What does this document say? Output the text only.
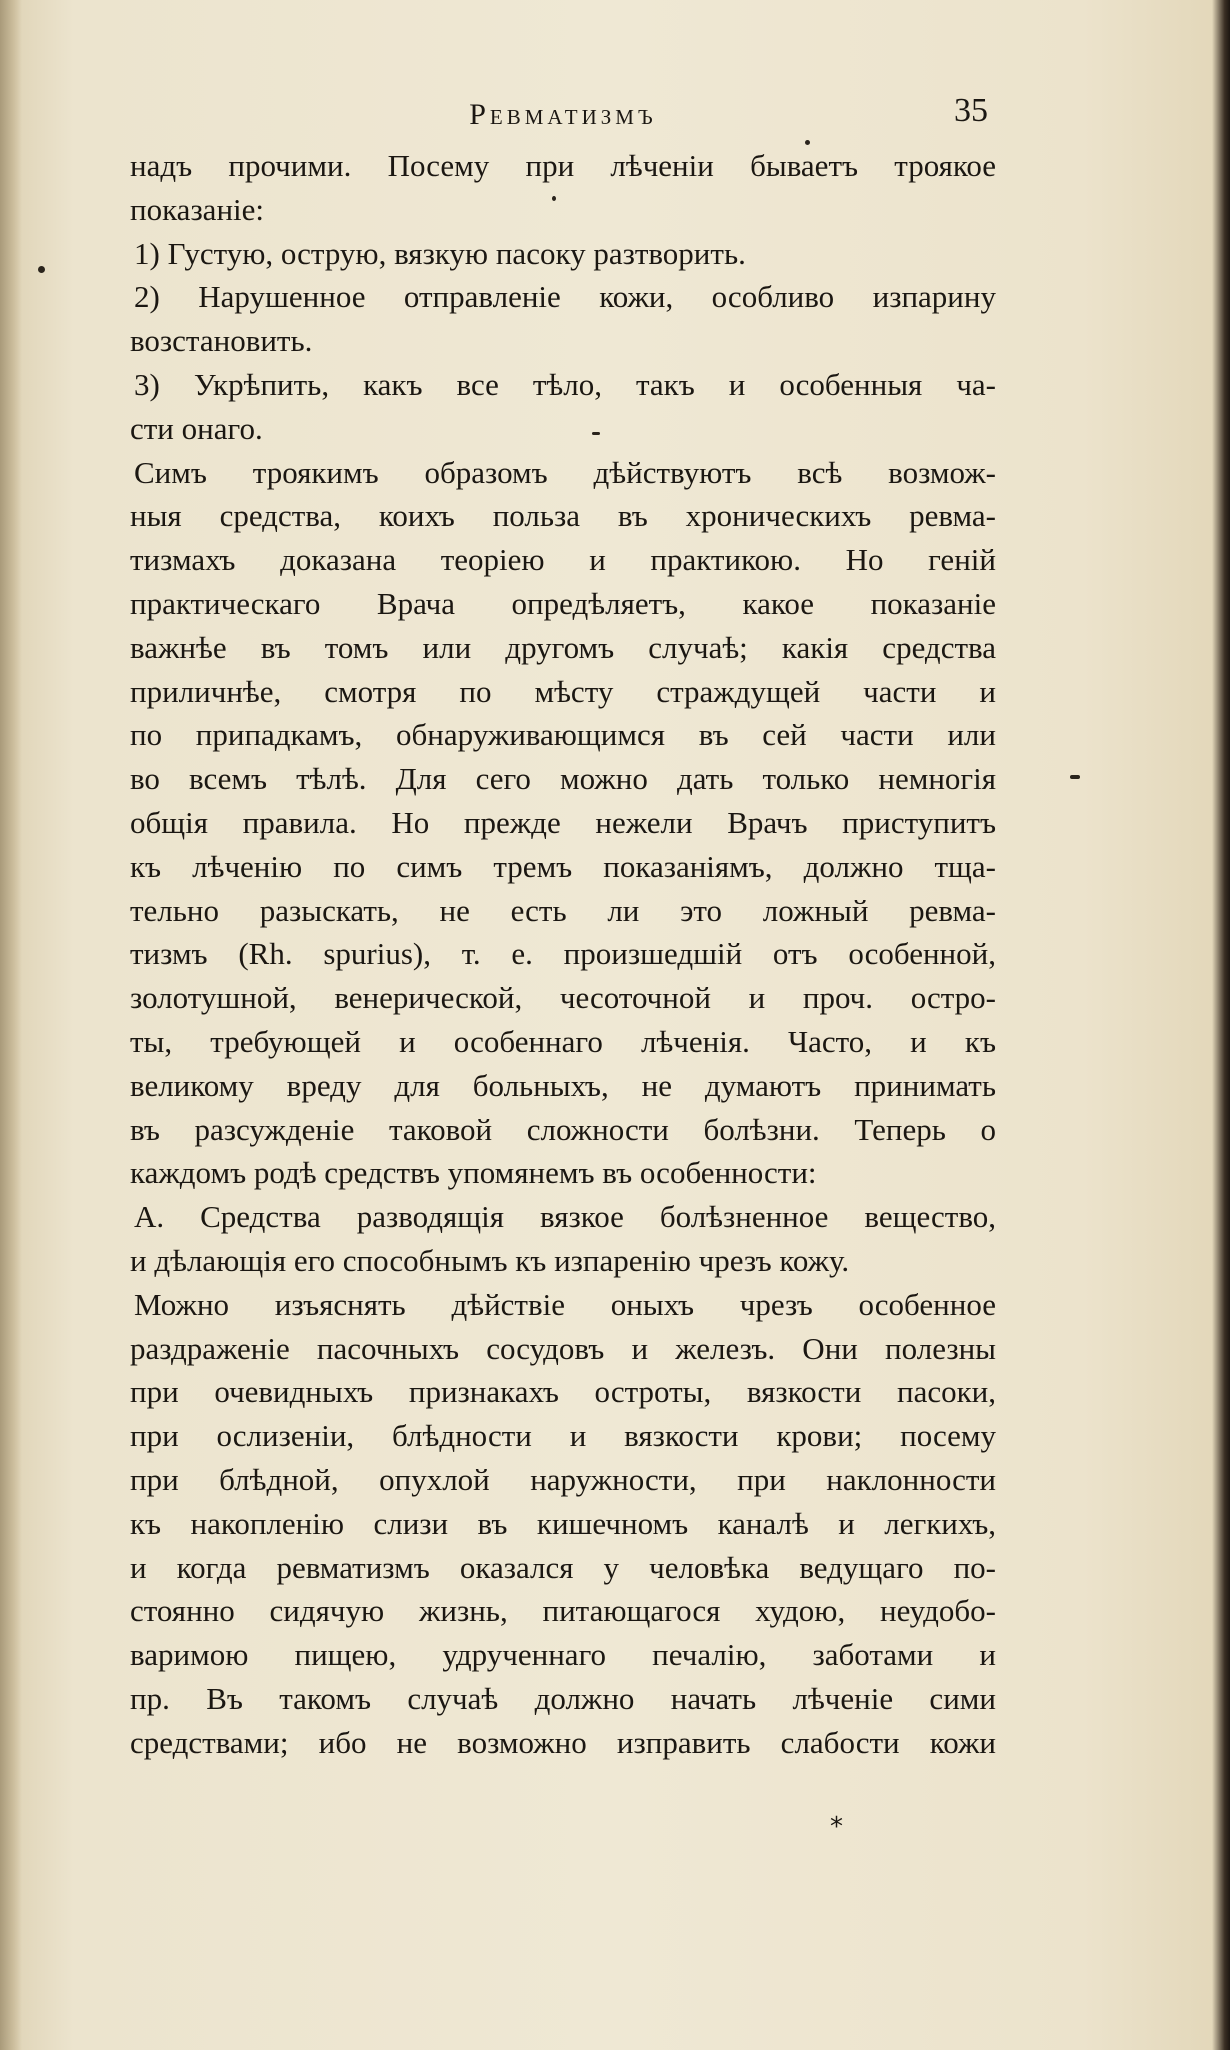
Ревматизмъ	35
надъ прочими. Посему при лѣченіи бываетъ троякое
показаніе:
1) Густую, острую, вязкую пасоку разтворить.
2) Нарушенное отправленіе кожи, особливо изпарину
возстановить.
3) Укрѣпить, какъ все тѣло, такъ и особенныя ча-
сти онаго.
Симъ троякимъ образомъ дѣйствуютъ всѣ возмож-
ныя средства, коихъ польза въ хроническихъ ревма-
тизмахъ доказана теоріею и практикою. Но геній
практическаго Врача опредѣляетъ, какое показаніе
важнѣе въ томъ или другомъ случаѣ; какія средства
приличнѣе, смотря по мѣсту страждущей части и
по припадкамъ, обнаруживающимся въ сей части или
во всемъ тѣлѣ. Для сего можно дать только немногія
общія правила. Но прежде нежели Врачъ приступитъ
къ лѣченію по симъ тремъ показаніямъ, должно тща-
тельно разыскать, не есть ли это ложный ревма-
тизмъ (Rh. spurius), т. е. произшедшій отъ особенной,
золотушной, венерической, чесоточной и проч. остро-
ты, требующей и особеннаго лѣченія. Часто, и къ
великому вреду для больныхъ, не думаютъ принимать
въ разсужденіе таковой сложности болѣзни. Теперь о
каждомъ родѣ средствъ упомянемъ въ особенности:
A. Средства разводящія вязкое болѣзненное вещество,
и дѣлающія его способнымъ къ изпаренію чрезъ кожу.
Можно изъяснять дѣйствіе оныхъ чрезъ особенное
раздраженіе пасочныхъ сосудовъ и железъ. Они полезны
при очевидныхъ признакахъ остроты, вязкости пасоки,
при ослизеніи, блѣдности и вязкости крови; посему
при блѣдной, опухлой наружности, при наклонности
къ накопленію слизи въ кишечномъ каналѣ и легкихъ,
и когда ревматизмъ оказался у человѣка ведущаго по-
стоянно сидячую жизнь, питающагося худою, неудобо-
варимою пищею, удрученнаго печалію, заботами и
пр. Въ такомъ случаѣ должно начать лѣченіе сими
средствами; ибо не возможно изправить слабости кожи
*
